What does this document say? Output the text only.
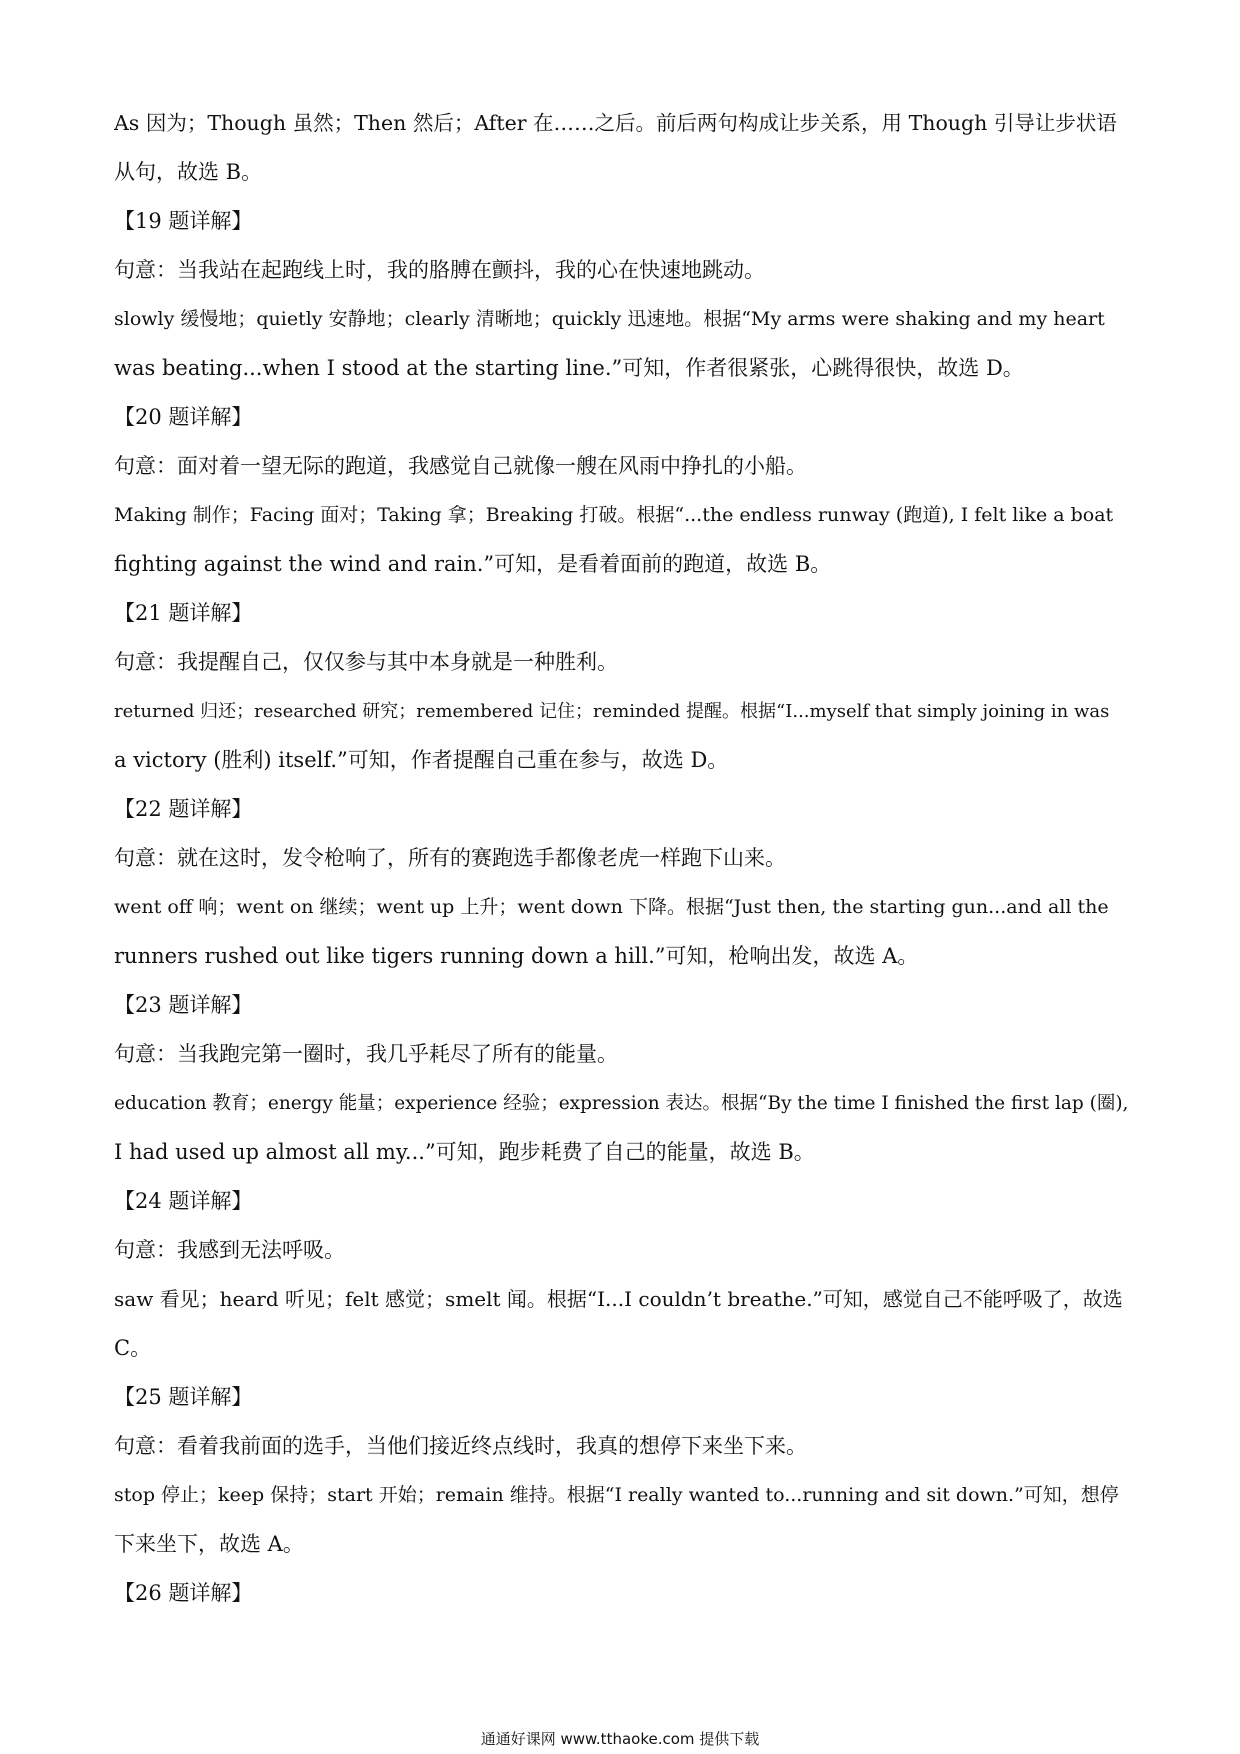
As 因为；Though 虽然；Then 然后；After 在……之后。前后两句构成让步关系，用 Though 引导让步状语
从句，故选 B。
【19 题详解】
句意：当我站在起跑线上时，我的胳膊在颤抖，我的心在快速地跳动。
slowly 缓慢地；quietly 安静地；clearly 清晰地；quickly 迅速地。根据“My arms were shaking and my heart
was beating...when I stood at the starting line.”可知，作者很紧张，心跳得很快，故选 D。
【20 题详解】
句意：面对着一望无际的跑道，我感觉自己就像一艘在风雨中挣扎的小船。
Making 制作；Facing 面对；Taking 拿；Breaking 打破。根据“...the endless runway (跑道), I felt like a boat
fighting against the wind and rain.”可知，是看着面前的跑道，故选 B。
【21 题详解】
句意：我提醒自己，仅仅参与其中本身就是一种胜利。
returned 归还；researched 研究；remembered 记住；reminded 提醒。根据“I...myself that simply joining in was
a victory (胜利) itself.”可知，作者提醒自己重在参与，故选 D。
【22 题详解】
句意：就在这时，发令枪响了，所有的赛跑选手都像老虎一样跑下山来。
went off 响；went on 继续；went up 上升；went down 下降。根据“Just then, the starting gun...and all the
runners rushed out like tigers running down a hill.”可知，枪响出发，故选 A。
【23 题详解】
句意：当我跑完第一圈时，我几乎耗尽了所有的能量。
education 教育；energy 能量；experience 经验；expression 表达。根据“By the time I finished the first lap (圈),
I had used up almost all my...”可知，跑步耗费了自己的能量，故选 B。
【24 题详解】
句意：我感到无法呼吸。
saw 看见；heard 听见；felt 感觉；smelt 闻。根据“I...I couldn’t breathe.”可知，感觉自己不能呼吸了，故选
C。
【25 题详解】
句意：看着我前面的选手，当他们接近终点线时，我真的想停下来坐下来。
stop 停止；keep 保持；start 开始；remain 维持。根据“I really wanted to...running and sit down.”可知，想停
下来坐下，故选 A。
【26 题详解】
通通好课网 www.tthaoke.com 提供下载
